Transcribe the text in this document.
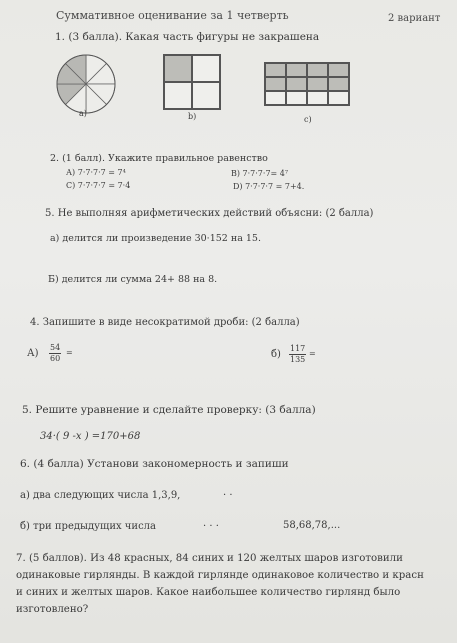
Суммативное оценивание за 1 четверть	2 вариант
1. (3 балла). Какая часть фигуры не закрашена
а)	b)	c)
2. (1 балл). Укажите правильное равенство
А) 7·7·7·7 = 7⁴	В) 7·7·7·7= 4⁷
С) 7·7·7·7 = 7·4	D) 7·7·7·7 = 7+4.
5. Не выполняя арифметических действий объясни: (2 балла)
а) делится ли произведение 30·152 на 15.
Б) делится ли сумма 24+ 88 на 8.
4. Запишите в виде несократимой дроби: (2 балла)
$А) \frac{54}{60}$ =	$б) \frac{117}{135}$ =
5. Решите уравнение и сделайте проверку: (3 балла)
34·( 9 -x ) =170+68
6. (4 балла) Установи закономерность и запиши
а) два следующих числа 1,3,9,	· ·
б) три предыдущих числа	· · ·	58,68,78,...
7. (5 баллов). Из 48 красных, 84 синих и 120 желтых шаров изготовили
одинаковые гирлянды. В каждой гирлянде одинаковое количество и красн
и синих и желтых шаров. Какое наибольшее количество гирлянд было
изготовлено?
